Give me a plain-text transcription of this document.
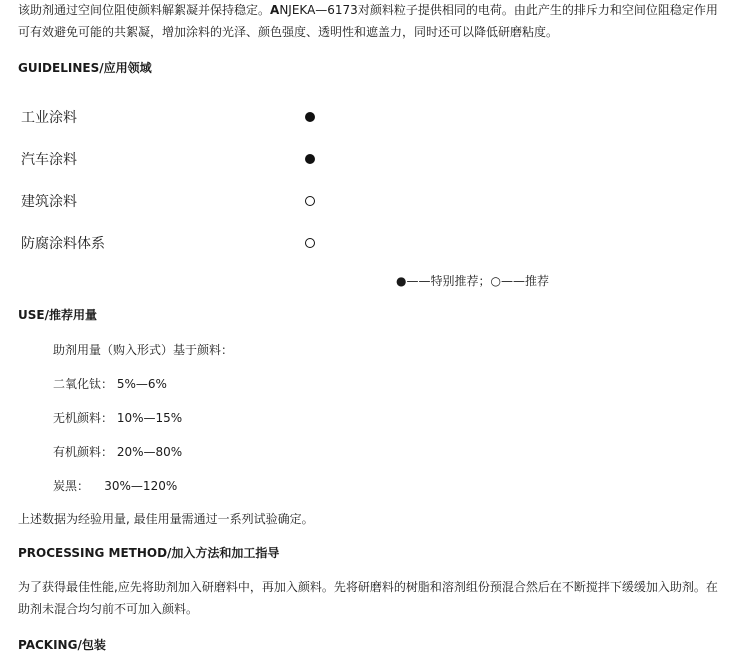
该助剂通过空间位阻使颜料解絮凝并保持稳定。ANJEKA—6173对颜料粒子提供相同的电荷。由此产生的排斥力和空间位阻稳定作用可有效避免可能的共絮凝，增加涂料的光泽、颜色强度、透明性和遮盖力，同时还可以降低研磨粘度。

GUIDELINES/应用领域
工业涂料
汽车涂料
建筑涂料
防腐涂料体系
●——特别推荐；○——推荐
USE/推荐用量
助剂用量（购入形式）基于颜料：
二氧化钛： 5%—6%
无机颜料： 10%—15%
有机颜料： 20%—80%
炭黑：    30%—120%
上述数据为经验用量, 最佳用量需通过一系列试验确定。
PROCESSING METHOD/加入方法和加工指导

为了获得最佳性能,应先将助剂加入研磨料中，再加入颜料。先将研磨料的树脂和溶剂组份预混合然后在不断搅拌下缓缓加入助剂。在助剂未混合均匀前不可加入颜料。

PACKING/包装
